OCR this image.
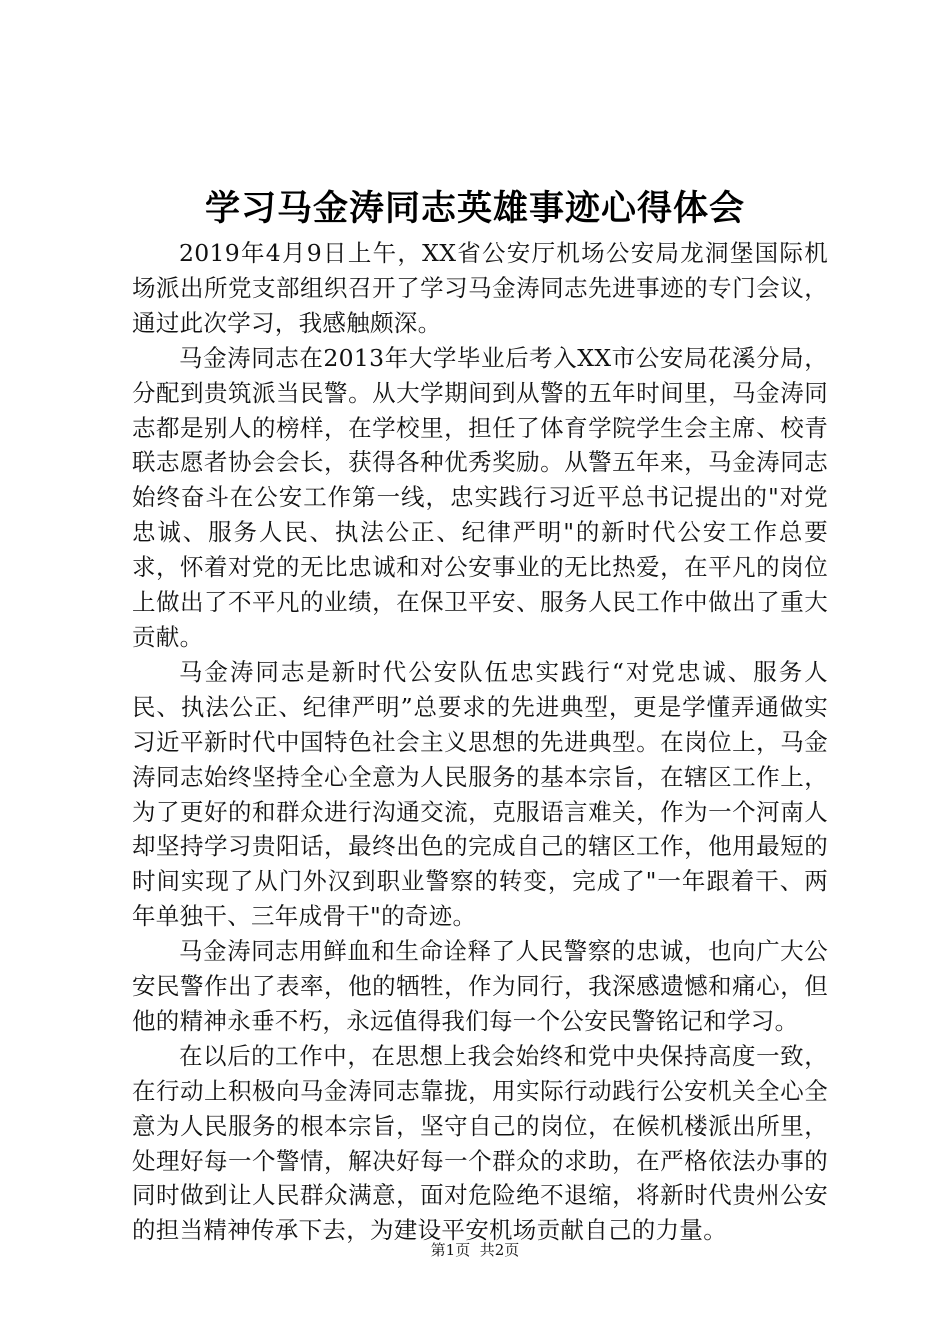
学习马金涛同志英雄事迹心得体会

2019年4月9日上午，XX省公安厅机场公安局龙洞堡国际机场派出所党支部组织召开了学习马金涛同志先进事迹的专门会议，通过此次学习，我感触颇深。

马金涛同志在2013年大学毕业后考入XX市公安局花溪分局，分配到贵筑派当民警。从大学期间到从警的五年时间里，马金涛同志都是别人的榜样，在学校里，担任了体育学院学生会主席、校青联志愿者协会会长，获得各种优秀奖励。从警五年来，马金涛同志始终奋斗在公安工作第一线，忠实践行习近平总书记提出的"对党忠诚、服务人民、执法公正、纪律严明"的新时代公安工作总要求，怀着对党的无比忠诚和对公安事业的无比热爱，在平凡的岗位上做出了不平凡的业绩，在保卫平安、服务人民工作中做出了重大贡献。

马金涛同志是新时代公安队伍忠实践行“对党忠诚、服务人民、执法公正、纪律严明”总要求的先进典型，更是学懂弄通做实习近平新时代中国特色社会主义思想的先进典型。在岗位上，马金涛同志始终坚持全心全意为人民服务的基本宗旨，在辖区工作上，为了更好的和群众进行沟通交流，克服语言难关，作为一个河南人却坚持学习贵阳话，最终出色的完成自己的辖区工作，他用最短的时间实现了从门外汉到职业警察的转变，完成了"一年跟着干、两年单独干、三年成骨干"的奇迹。

马金涛同志用鲜血和生命诠释了人民警察的忠诚，也向广大公安民警作出了表率，他的牺牲，作为同行，我深感遗憾和痛心，但他的精神永垂不朽，永远值得我们每一个公安民警铭记和学习。

在以后的工作中，在思想上我会始终和党中央保持高度一致，在行动上积极向马金涛同志靠拢，用实际行动践行公安机关全心全意为人民服务的根本宗旨，坚守自己的岗位，在候机楼派出所里，处理好每一个警情，解决好每一个群众的求助，在严格依法办事的同时做到让人民群众满意，面对危险绝不退缩，将新时代贵州公安的担当精神传承下去，为建设平安机场贡献自己的力量。

第1页 共2页
